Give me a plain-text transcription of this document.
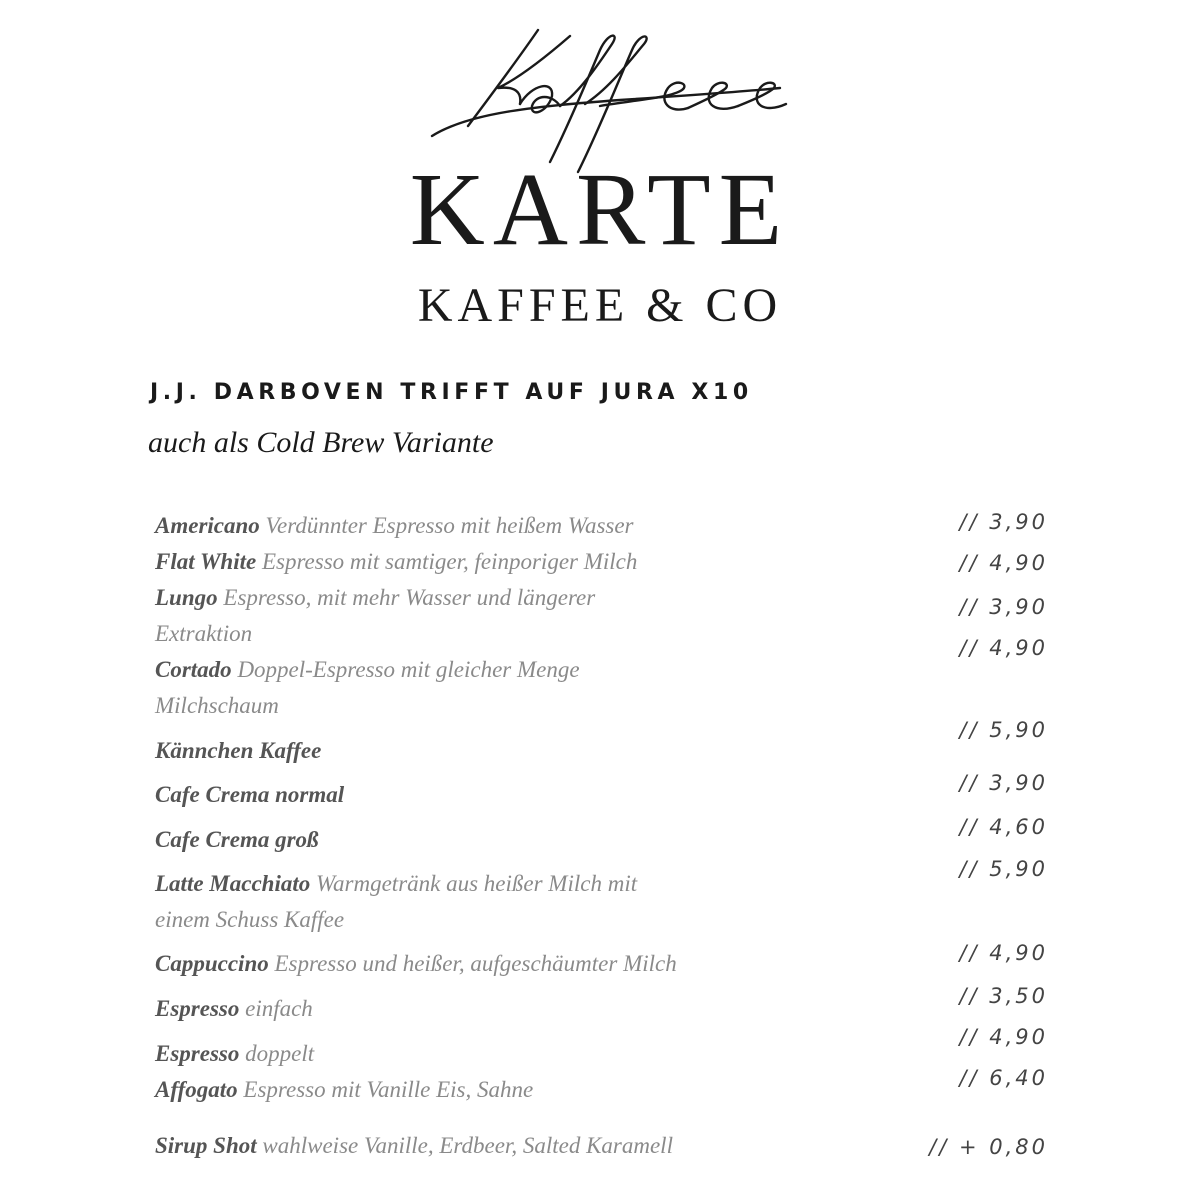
KARTE
KAFFEE & CO
J.J. DARBOVEN TRIFFT AUF JURA X10
auch als Cold Brew Variante
Americano Verdünnter Espresso mit heißem Wasser
Flat White Espresso mit samtiger, feinporiger Milch
Lungo Espresso, mit mehr Wasser und längerer Extraktion
Cortado Doppel-Espresso mit gleicher Menge Milchschaum
Kännchen Kaffee
Cafe Crema normal
Cafe Crema groß
Latte Macchiato Warmgetränk aus heißer Milch mit einem Schuss Kaffee
Cappuccino Espresso und heißer, aufgeschäumter Milch
Espresso einfach
Espresso doppelt
Affogato Espresso mit Vanille Eis, Sahne
Sirup Shot wahlweise Vanille, Erdbeer, Salted Karamell
// 3,90
// 4,90
// 3,90
// 4,90
// 5,90
// 3,90
// 4,60
// 5,90
// 4,90
// 3,50
// 4,90
// 6,40
// + 0,80
